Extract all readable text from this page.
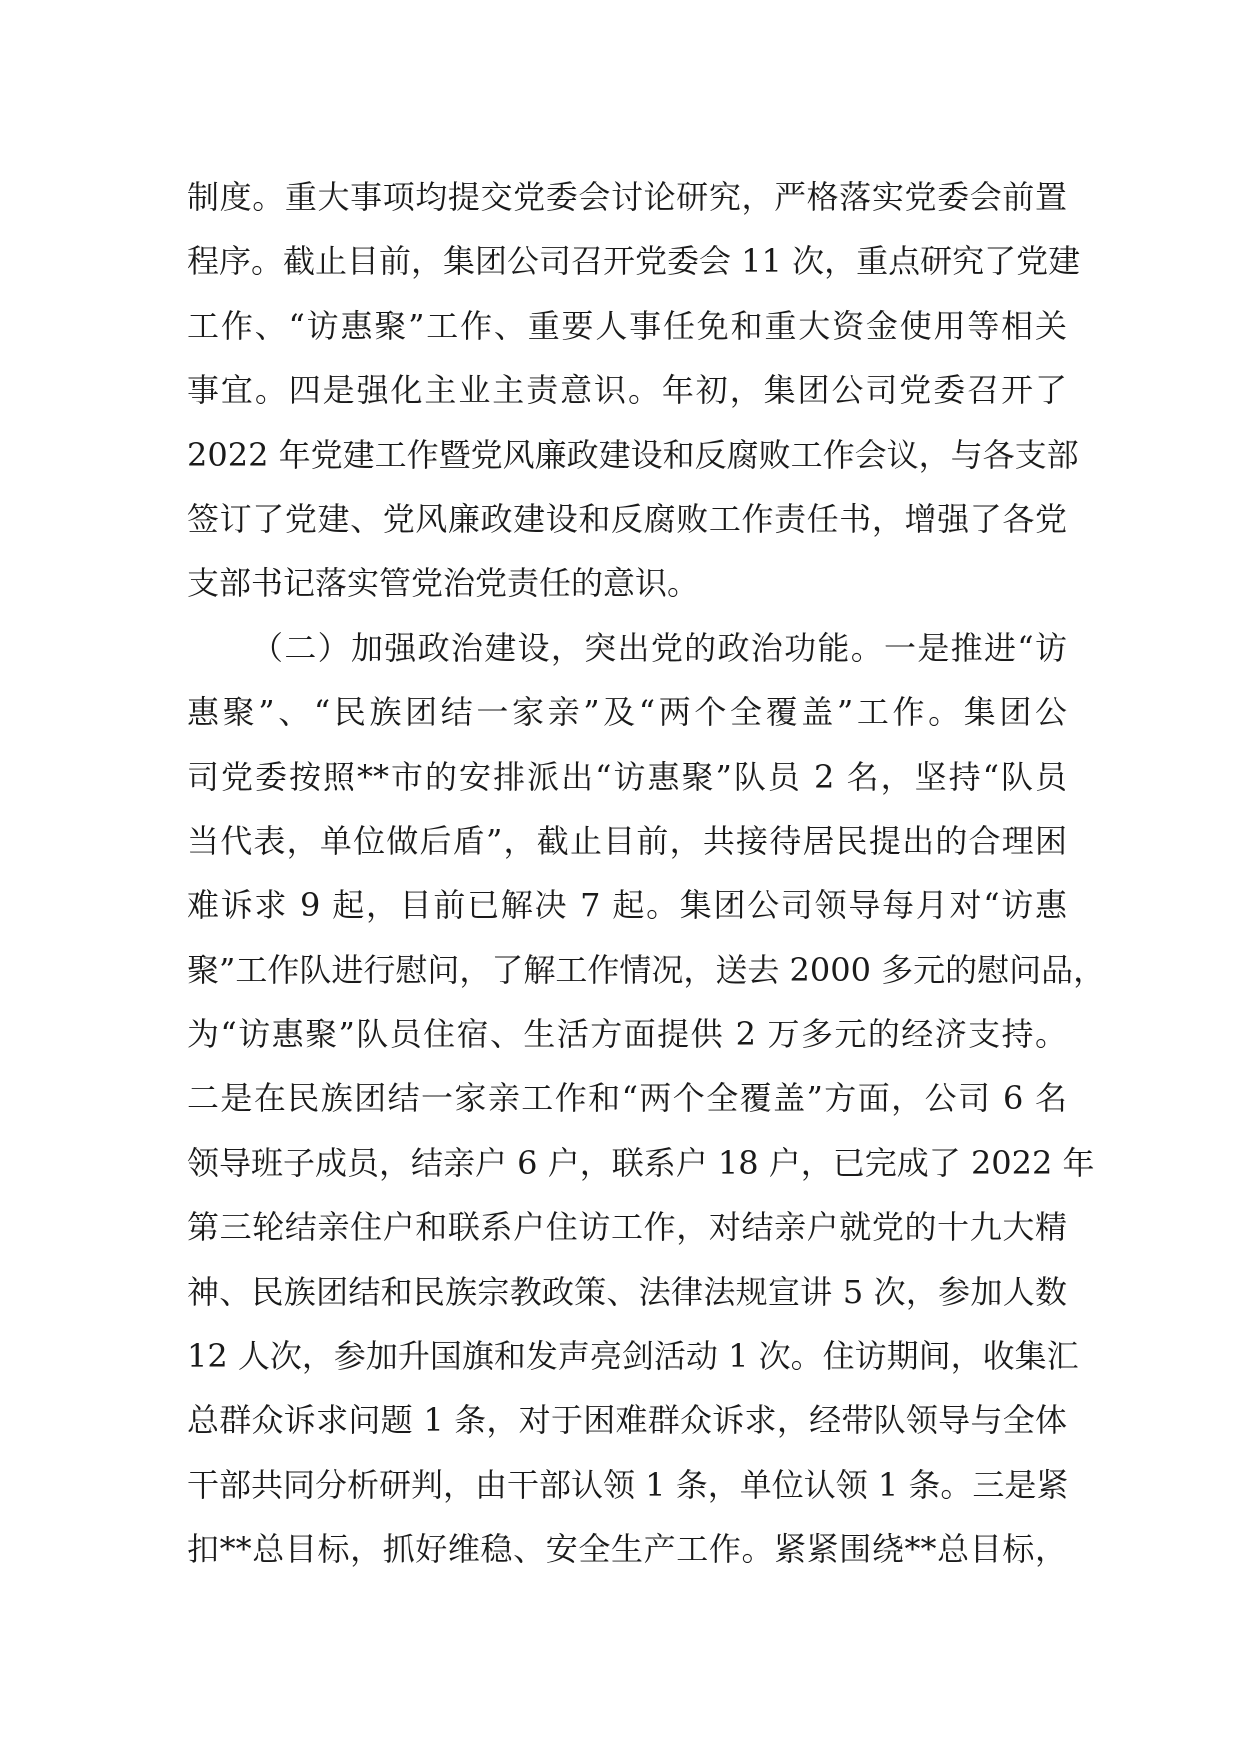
制度。重大事项均提交党委会讨论研究，严格落实党委会前置
程序。截止目前，集团公司召开党委会 11 次，重点研究了党建
工作、“访惠聚”工作、重要人事任免和重大资金使用等相关
事宜。四是强化主业主责意识。年初，集团公司党委召开了
2022 年党建工作暨党风廉政建设和反腐败工作会议，与各支部
签订了党建、党风廉政建设和反腐败工作责任书，增强了各党
支部书记落实管党治党责任的意识。
（二）加强政治建设，突出党的政治功能。一是推进“访
惠聚”、“民族团结一家亲”及“两个全覆盖”工作。集团公
司党委按照**市的安排派出“访惠聚”队员 2 名，坚持“队员
当代表，单位做后盾”，截止目前，共接待居民提出的合理困
难诉求 9 起，目前已解决 7 起。集团公司领导每月对“访惠
聚”工作队进行慰问，了解工作情况，送去 2000 多元的慰问品，
为“访惠聚”队员住宿、生活方面提供 2 万多元的经济支持。
二是在民族团结一家亲工作和“两个全覆盖”方面，公司 6 名
领导班子成员，结亲户 6 户，联系户 18 户，已完成了 2022 年
第三轮结亲住户和联系户住访工作，对结亲户就党的十九大精
神、民族团结和民族宗教政策、法律法规宣讲 5 次，参加人数
12 人次，参加升国旗和发声亮剑活动 1 次。住访期间，收集汇
总群众诉求问题 1 条，对于困难群众诉求，经带队领导与全体
干部共同分析研判，由干部认领 1 条，单位认领 1 条。三是紧
扣**总目标，抓好维稳、安全生产工作。紧紧围绕**总目标，
